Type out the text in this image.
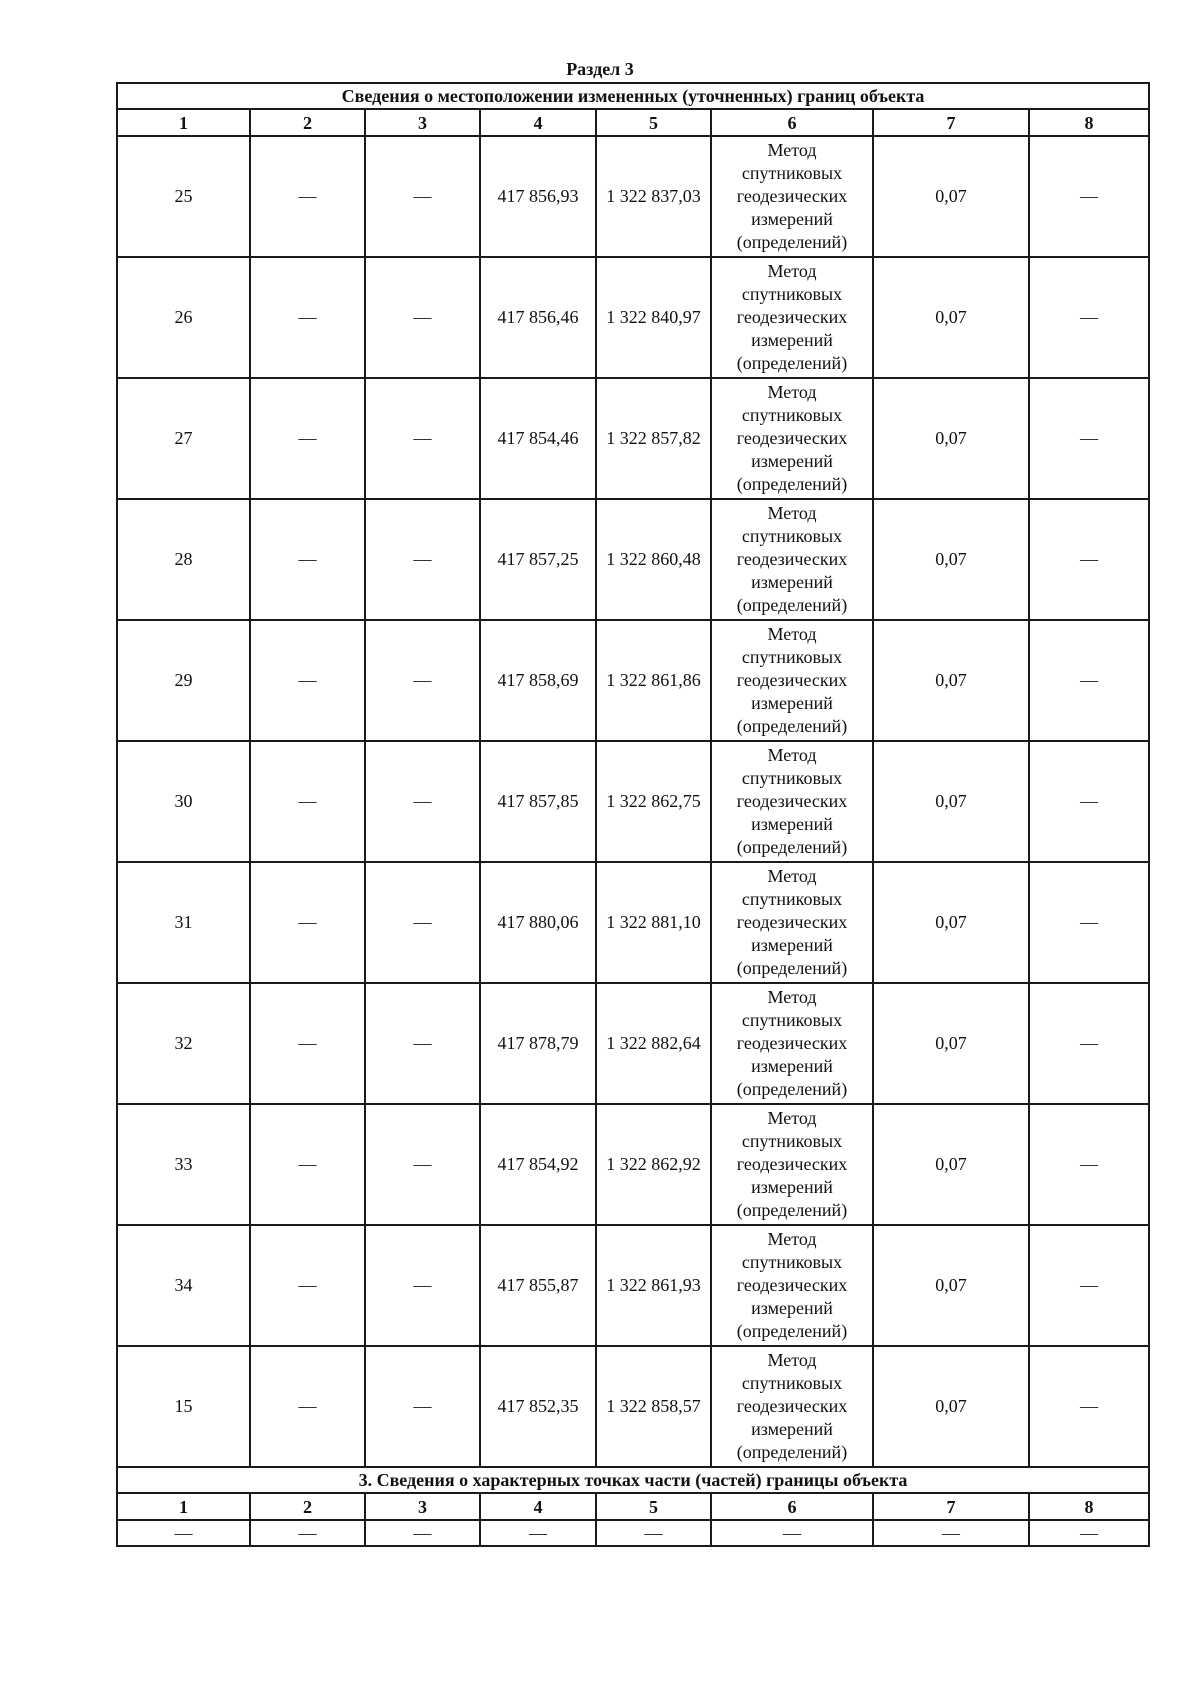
Раздел 3
Сведения о местоположении измененных (уточненных) границ объекта							
1	2	3	4	5	6	7	8
25	—	—	417 856,93	1 322 837,03	Метод
спутниковых
геодезических
измерений
(определений)	0,07	—
26	—	—	417 856,46	1 322 840,97	Метод
спутниковых
геодезических
измерений
(определений)	0,07	—
27	—	—	417 854,46	1 322 857,82	Метод
спутниковых
геодезических
измерений
(определений)	0,07	—
28	—	—	417 857,25	1 322 860,48	Метод
спутниковых
геодезических
измерений
(определений)	0,07	—
29	—	—	417 858,69	1 322 861,86	Метод
спутниковых
геодезических
измерений
(определений)	0,07	—
30	—	—	417 857,85	1 322 862,75	Метод
спутниковых
геодезических
измерений
(определений)	0,07	—
31	—	—	417 880,06	1 322 881,10	Метод
спутниковых
геодезических
измерений
(определений)	0,07	—
32	—	—	417 878,79	1 322 882,64	Метод
спутниковых
геодезических
измерений
(определений)	0,07	—
33	—	—	417 854,92	1 322 862,92	Метод
спутниковых
геодезических
измерений
(определений)	0,07	—
34	—	—	417 855,87	1 322 861,93	Метод
спутниковых
геодезических
измерений
(определений)	0,07	—
15	—	—	417 852,35	1 322 858,57	Метод
спутниковых
геодезических
измерений
(определений)	0,07	—
3. Сведения о характерных точках части (частей) границы объекта							
1	2	3	4	5	6	7	8
—	—	—	—	—	—	—	—
